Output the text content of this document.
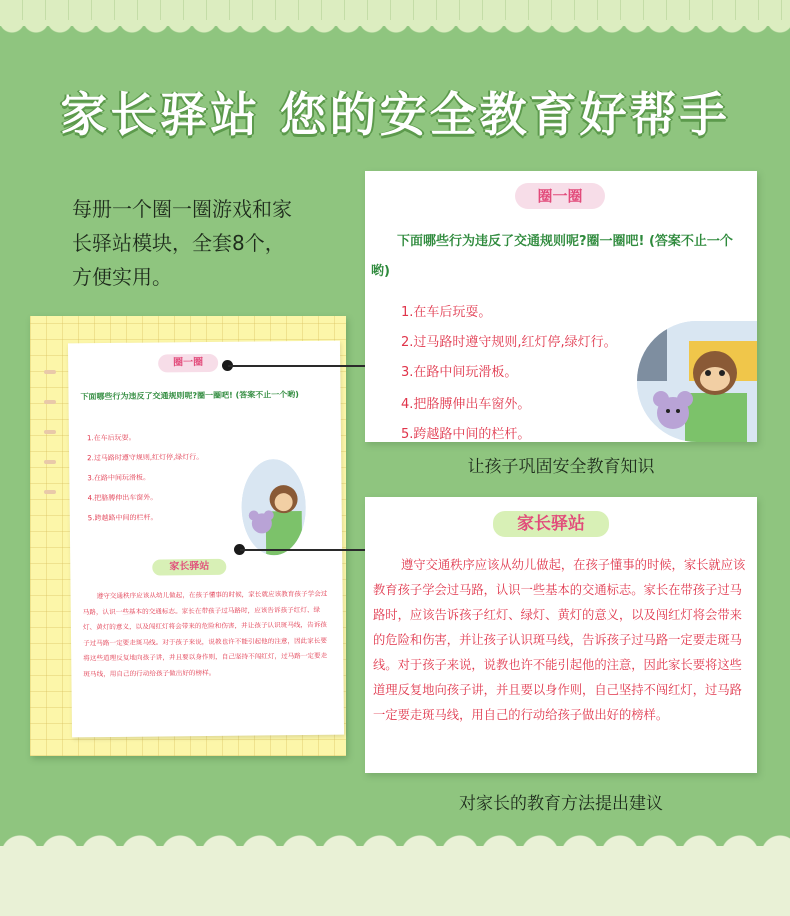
家长驿站 您的安全教育好帮手

每册一个圈一圈游戏和家长驿站模块，全套8个，方便实用。

圈一圈
下面哪些行为违反了交通规则呢?圈一圈吧! (答案不止一个哟)
1.在车后玩耍。
2.过马路时遵守规则,红灯停,绿灯行。
3.在路中间玩滑板。
4.把胳膊伸出车窗外。
5.跨越路中间的栏杆。
家长驿站
遵守交通秩序应该从幼儿做起，在孩子懂事的时候，家长就应该教育孩子学会过马路，认识一些基本的交通标志。家长在带孩子过马路时，应该告诉孩子红灯、绿灯、黄灯的意义，以及闯红灯将会带来的危险和伤害，并让孩子认识斑马线，告诉孩子过马路一定要走斑马线。对于孩子来说，说教也许不能引起他的注意，因此家长要将这些道理反复地向孩子讲，并且要以身作则，自己坚持不闯红灯，过马路一定要走斑马线，用自己的行动给孩子做出好的榜样。
圈一圈
下面哪些行为违反了交通规则呢?圈一圈吧! (答案不止一个哟)
1.在车后玩耍。
2.过马路时遵守规则,红灯停,绿灯行。
3.在路中间玩滑板。
4.把胳膊伸出车窗外。
5.跨越路中间的栏杆。
让孩子巩固安全教育知识
家长驿站
遵守交通秩序应该从幼儿做起，在孩子懂事的时候，家长就应该教育孩子学会过马路，认识一些基本的交通标志。家长在带孩子过马路时，应该告诉孩子红灯、绿灯、黄灯的意义，以及闯红灯将会带来的危险和伤害，并让孩子认识斑马线，告诉孩子过马路一定要走斑马线。对于孩子来说，说教也许不能引起他的注意，因此家长要将这些道理反复地向孩子讲，并且要以身作则，自己坚持不闯红灯，过马路一定要走斑马线，用自己的行动给孩子做出好的榜样。
对家长的教育方法提出建议
